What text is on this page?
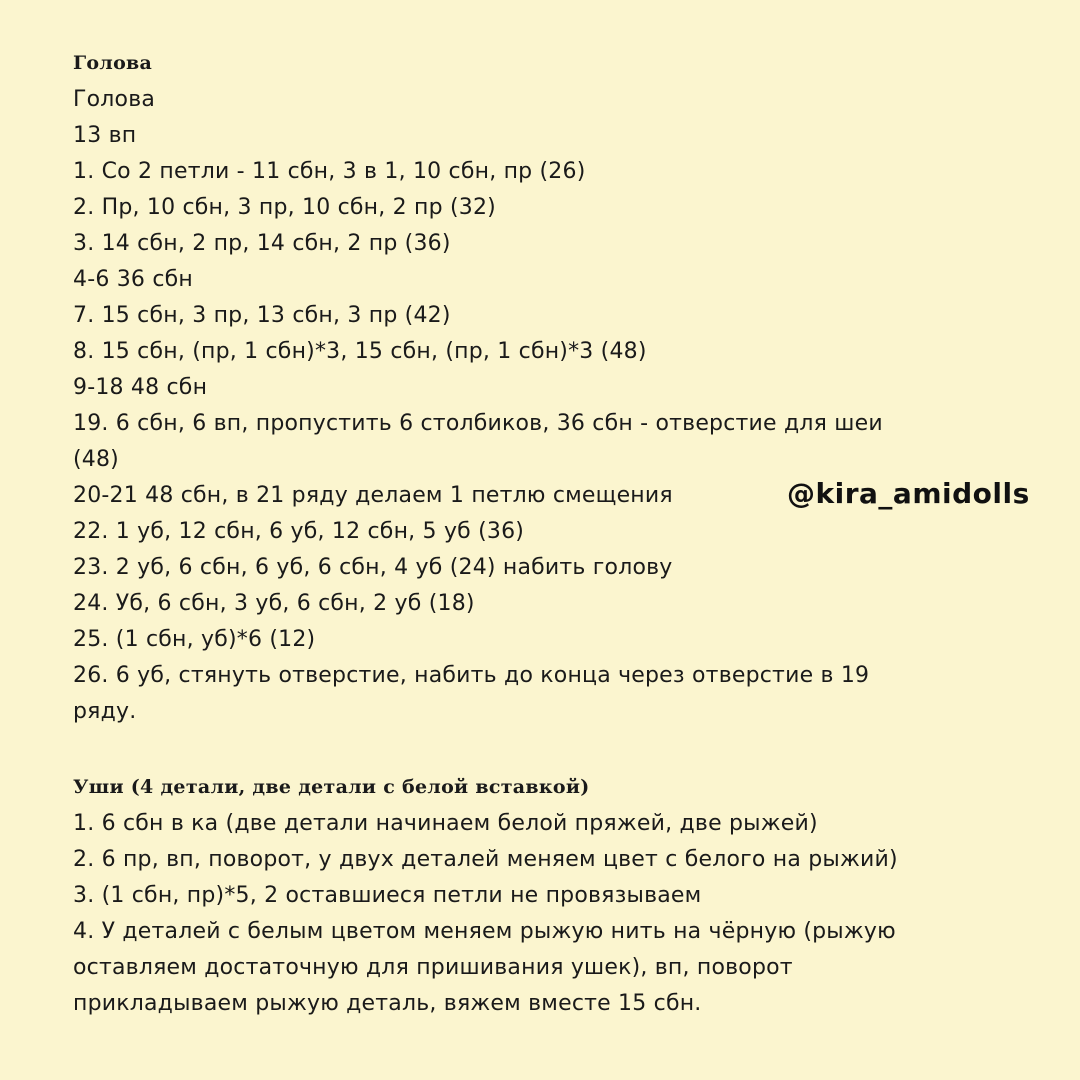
Голова
Голова
13 вп
1. Со 2 петли - 11 сбн, 3 в 1, 10 сбн, пр (26)
2. Пр, 10 сбн, 3 пр, 10 сбн, 2 пр (32)
3. 14 сбн, 2 пр, 14 сбн, 2 пр (36)
4-6 36 сбн
7. 15 сбн, 3 пр, 13 сбн, 3 пр (42)
8. 15 сбн, (пр, 1 сбн)*3, 15 сбн, (пр, 1 сбн)*3 (48)
9-18 48 сбн
19. 6 сбн, 6 вп, пропустить 6 столбиков, 36 сбн - отверстие для шеи
(48)
20-21 48 сбн, в 21 ряду делаем 1 петлю смещения
22. 1 уб, 12 сбн, 6 уб, 12 сбн, 5 уб (36)
23. 2 уб, 6 сбн, 6 уб, 6 сбн, 4 уб (24) набить голову
24. Уб, 6 сбн, 3 уб, 6 сбн, 2 уб (18)
25. (1 сбн, уб)*6 (12)
26. 6 уб, стянуть отверстие, набить до конца через отверстие в 19
ряду.
Уши (4 детали, две детали с белой вставкой)
1. 6 сбн в ка (две детали начинаем белой пряжей, две рыжей)
2. 6 пр, вп, поворот, у двух деталей меняем цвет с белого на рыжий)
3. (1 сбн, пр)*5, 2 оставшиеся петли не провязываем
4. У деталей с белым цветом меняем рыжую нить на чёрную (рыжую
оставляем достаточную для пришивания ушек), вп, поворот
прикладываем рыжую деталь, вяжем вместе 15 сбн.
@kira_amidolls
